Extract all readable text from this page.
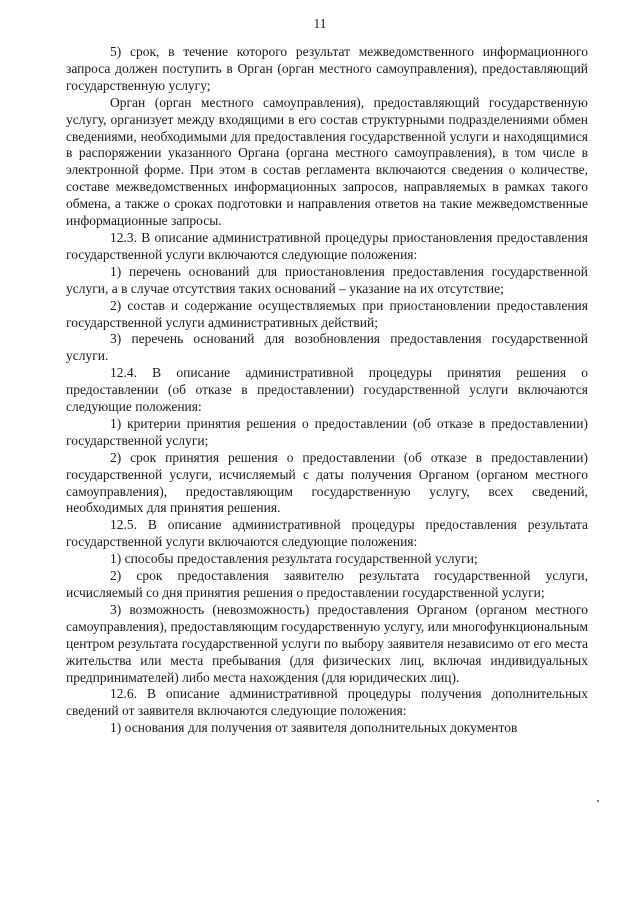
11

5) срок, в течение которого результат межведомственного информационного запроса должен поступить в Орган (орган местного самоуправления), предоставляющий государственную услугу;

Орган (орган местного самоуправления), предоставляющий государственную услугу, организует между входящими в его состав структурными подразделениями обмен сведениями, необходимыми для предоставления государственной услуги и находящимися в распоряжении указанного Органа (органа местного самоуправления), в том числе в электронной форме. При этом в состав регламента включаются сведения о количестве, составе межведомственных информационных запросов, направляемых в рамках такого обмена, а также о сроках подготовки и направления ответов на такие межведомственные информационные запросы.

12.3. В описание административной процедуры приостановления предоставления государственной услуги включаются следующие положения:

1) перечень оснований для приостановления предоставления государственной услуги, а в случае отсутствия таких оснований – указание на их отсутствие;

2) состав и содержание осуществляемых при приостановлении предоставления государственной услуги административных действий;

3) перечень оснований для возобновления предоставления государственной услуги.

12.4. В описание административной процедуры принятия решения о предоставлении (об отказе в предоставлении) государственной услуги включаются следующие положения:

1) критерии принятия решения о предоставлении (об отказе в предоставлении) государственной услуги;

2) срок принятия решения о предоставлении (об отказе в предоставлении) государственной услуги, исчисляемый с даты получения Органом (органом местного самоуправления), предоставляющим государственную услугу, всех сведений, необходимых для принятия решения.

12.5. В описание административной процедуры предоставления результата государственной услуги включаются следующие положения:

1) способы предоставления результата государственной услуги;

2) срок предоставления заявителю результата государственной услуги, исчисляемый со дня принятия решения о предоставлении государственной услуги;

3) возможность (невозможность) предоставления Органом (органом местного самоуправления), предоставляющим государственную услугу, или многофункциональным центром результата государственной услуги по выбору заявителя независимо от его места жительства или места пребывания (для физических лиц, включая индивидуальных предпринимателей) либо места нахождения (для юридических лиц).

12.6. В описание административной процедуры получения дополнительных сведений от заявителя включаются следующие положения:

1) основания для получения от заявителя дополнительных документов
